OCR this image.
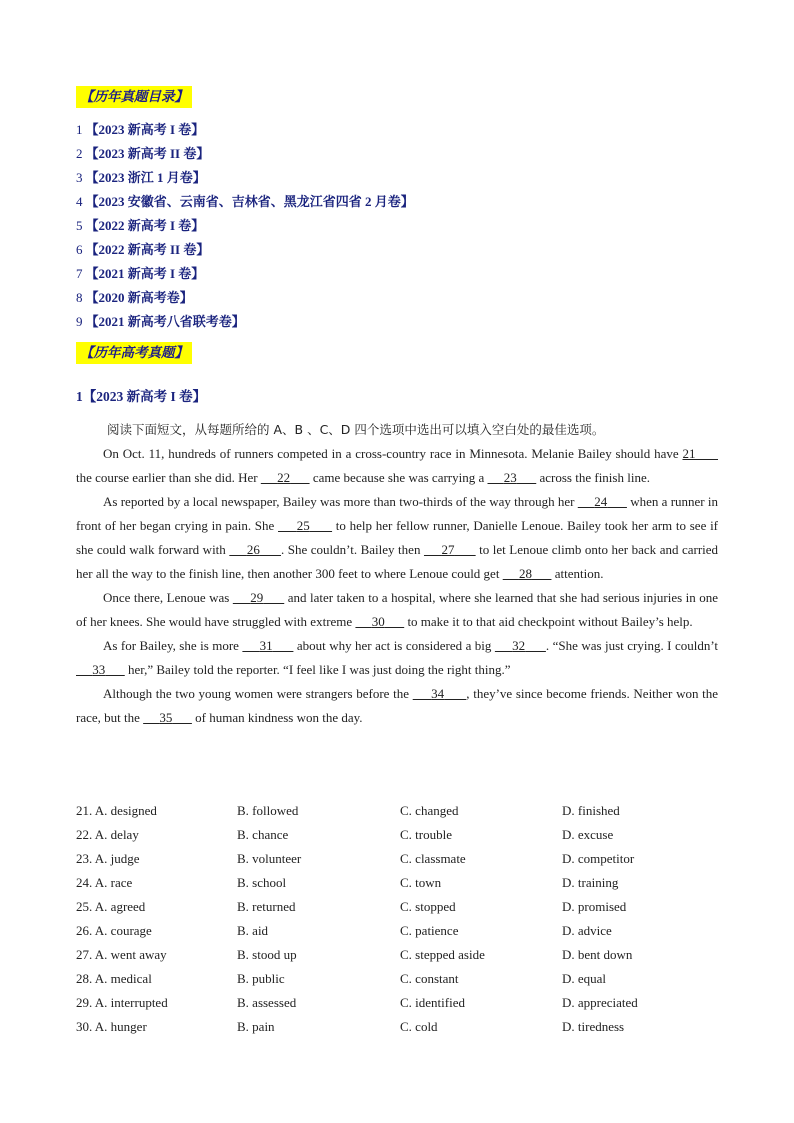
【历年真题目录】
1 【2023 新高考 I 卷】
2 【2023 新高考 II 卷】
3 【2023 浙江 1 月卷】
4 【2023 安徽省、云南省、吉林省、黑龙江省四省 2 月卷】
5 【2022 新高考 I 卷】
6 【2022 新高考 II 卷】
7 【2021 新高考 I 卷】
8 【2020 新高考卷】
9 【2021 新高考八省联考卷】
【历年高考真题】
1【2023 新高考 I 卷】

阅读下面短文，从每题所给的 A、B 、C、D 四个选项中选出可以填入空白处的最佳选项。

On Oct. 11, hundreds of runners competed in a cross-country race in Minnesota. Melanie Bailey should have 21       the course earlier than she did. Her      22       came because she was carrying a      23       across the finish line.

As reported by a local newspaper, Bailey was more than two-thirds of the way through her      24       when a runner in front of her began crying in pain. She      25       to help her fellow runner, Danielle Lenoue. Bailey took her arm to see if she could walk forward with      26 . She couldn’t. Bailey then      27       to let Lenoue climb onto her back and carried her all the way to the finish line, then another 300 feet to where Lenoue could get      28       attention.

Once there, Lenoue was      29       and later taken to a hospital, where she learned that she had serious injuries in one of her knees. She would have struggled with extreme      30       to make it to that aid checkpoint without Bailey’s help.

As for Bailey, she is more      31       about why her act is considered a big      32 . “She was just crying. I couldn’t      33       her,” Bailey told the reporter. “I feel like I was just doing the right thing.”

Although the two young women were strangers before the      34 , they’ve since become friends. Neither won the race, but the      35       of human kindness won the day.

21. A. designed	B. followed	C. changed	D. finished
22. A. delay	B. chance	C. trouble	D. excuse
23. A. judge	B. volunteer	C. classmate	D. competitor
24. A. race	B. school	C. town	D. training
25. A. agreed	B. returned	C. stopped	D. promised
26. A. courage	B. aid	C. patience	D. advice
27. A. went away	B. stood up	C. stepped aside	D. bent down
28. A. medical	B. public	C. constant	D. equal
29. A. interrupted	B. assessed	C. identified	D. appreciated
30. A. hunger	B. pain	C. cold	D. tiredness
